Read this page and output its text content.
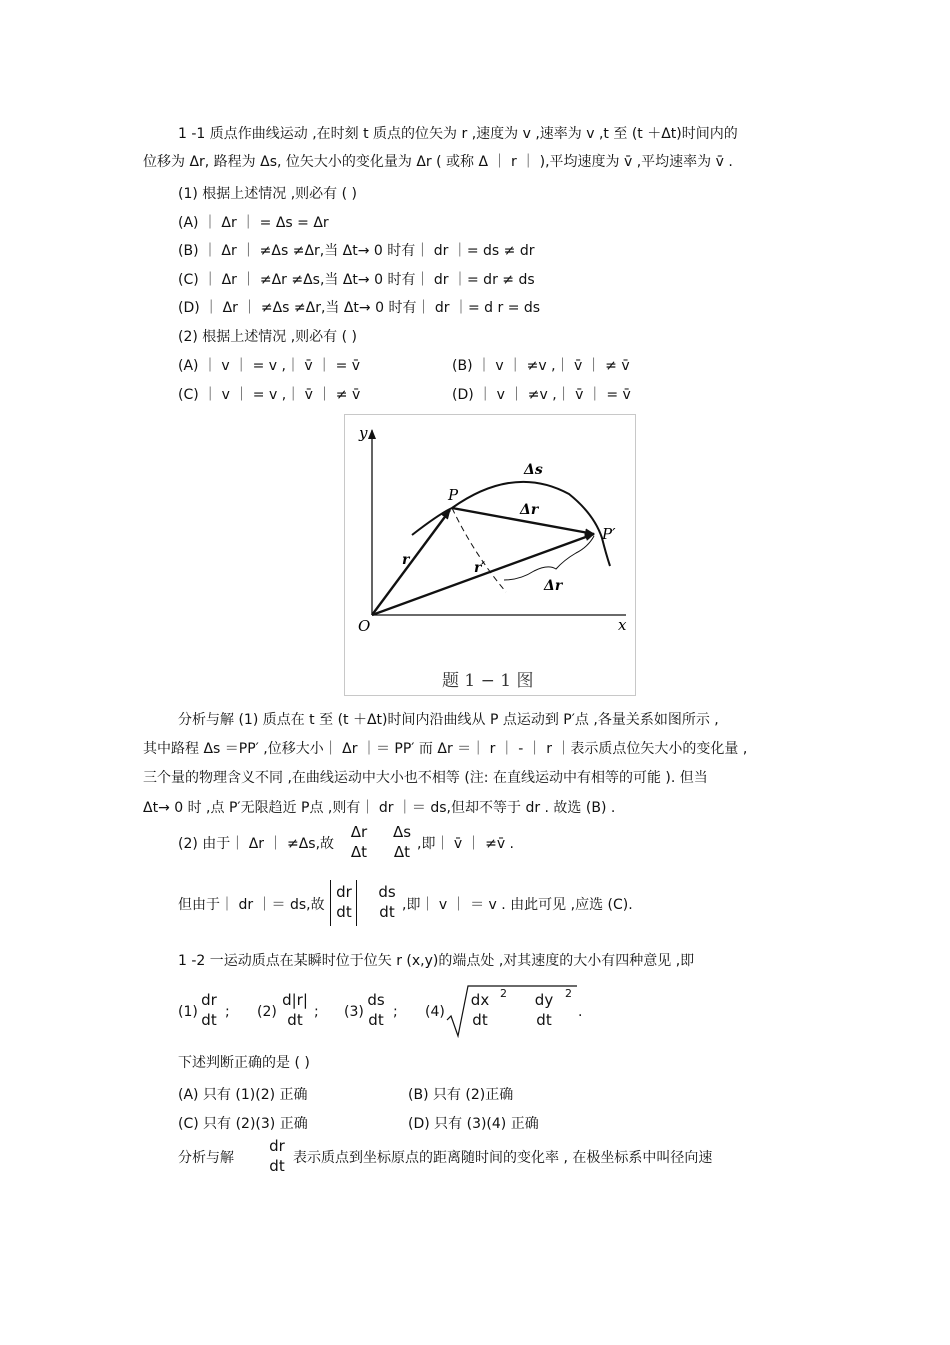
1 -1 质点作曲线运动 ,在时刻 t 质点的位矢为 r ,速度为 v ,速率为 v ,t 至 (t ＋Δt)时间内的
位移为 Δr, 路程为 Δs, 位矢大小的变化量为 Δr ( 或称 Δ ｜ r ｜ ),平均速度为 v̄ ,平均速率为 v̄ .
(1) 根据上述情况 ,则必有 ( )
(A) ｜ Δr ｜ = Δs = Δr
(B) ｜ Δr ｜ ≠Δs ≠Δr,当 Δt→ 0 时有｜ dr ｜= ds ≠ dr
(C) ｜ Δr ｜ ≠Δr ≠Δs,当 Δt→ 0 时有｜ dr ｜= dr ≠ ds
(D) ｜ Δr ｜ ≠Δs ≠Δr,当 Δt→ 0 时有｜ dr ｜= d r = ds
(2) 根据上述情况 ,则必有 ( )
(A) ｜ v ｜ = v ,｜ v̄ ｜ = v̄	(B) ｜ v ｜ ≠v ,｜ v̄ ｜ ≠ v̄
(C) ｜ v ｜ = v ,｜ v̄ ｜ ≠ v̄	(D) ｜ v ｜ ≠v ,｜ v̄ ｜ = v̄
y
x
O
P
P′
Δs
Δr
Δr
r	r′
题 1 − 1 图
分析与解 (1) 质点在 t 至 (t ＋Δt)时间内沿曲线从 P 点运动到 P′点 ,各量关系如图所示 ,
其中路程 Δs ＝PP′ ,位移大小｜ Δr ｜＝ PP′ 而 Δr ＝｜ r ｜ - ｜ r ｜表示质点位矢大小的变化量 ,
三个量的物理含义不同 ,在曲线运动中大小也不相等 (注: 在直线运动中有相等的可能 ). 但当
Δt→ 0 时 ,点 P′无限趋近 P点 ,则有｜ dr ｜＝ ds,但却不等于 dr . 故选 (B) .
(2) 由于｜ Δr ｜ ≠Δs,故
Δr
Δt
Δs
Δt ,即｜ v̄ ｜ ≠v̄ .
但由于｜ dr ｜＝ ds,故
dr
dt
ds
dt ,即｜ v ｜ ＝ v . 由此可见 ,应选 (C).
1 -2 一运动质点在某瞬时位于位矢 r (x,y)的端点处 ,对其速度的大小有四种意见 ,即
(1)
dr
dt ; (2)
d|r|
dt ; (3)
ds
dt ; (4)
dx
dt
2	dy
dt
2
.
下述判断正确的是 ( )
(A) 只有 (1)(2) 正确	(B) 只有 (2)正确
(C) 只有 (2)(3) 正确	(D) 只有 (3)(4) 正确
分析与解
dr
dt 表示质点到坐标原点的距离随时间的变化率 , 在极坐标系中叫径向速
